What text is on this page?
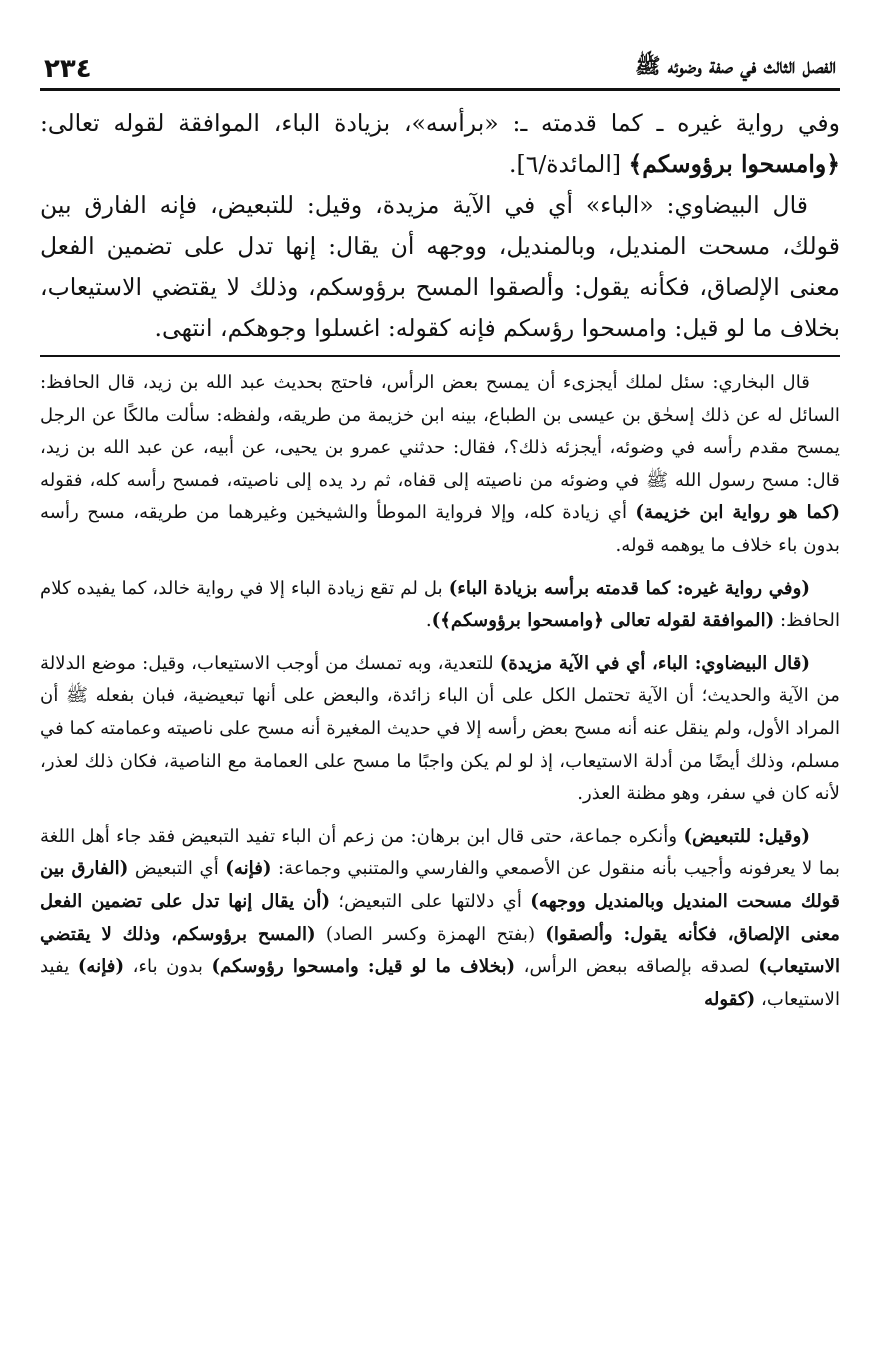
الفصل الثالث في صفة وضوئه ﷺ
٢٣٤

وفي رواية غيره ـ كما قدمته ـ: «برأسه»، بزيادة الباء، الموافقة لقوله تعالى: ﴿وامسحوا برؤوسكم﴾ [المائدة/٦].

قال البيضاوي: «الباء» أي في الآية مزيدة، وقيل: للتبعيض، فإنه الفارق بين قولك، مسحت المنديل، وبالمنديل، ووجهه أن يقال: إنها تدل على تضمين الفعل معنى الإلصاق، فكأنه يقول: وألصقوا المسح برؤوسكم، وذلك لا يقتضي الاستيعاب، بخلاف ما لو قيل: وامسحوا رؤسكم فإنه كقوله: اغسلوا وجوهكم، انتهى.

قال البخاري: سئل لملك أيجزىء أن يمسح بعض الرأس، فاحتج بحديث عبد الله بن زيد، قال الحافظ: السائل له عن ذلك إسحٰق بن عيسى بن الطباع، بينه ابن خزيمة من طريقه، ولفظه: سألت مالكًا عن الرجل يمسح مقدم رأسه في وضوئه، أيجزئه ذلك؟، فقال: حدثني عمرو بن يحيى، عن أبيه، عن عبد الله بن زيد، قال: مسح رسول الله ﷺ في وضوئه من ناصيته إلى قفاه، ثم رد يده إلى ناصيته، فمسح رأسه كله، فقوله (كما هو رواية ابن خزيمة) أي زيادة كله، وإلا فرواية الموطأ والشيخين وغيرهما من طريقه، مسح رأسه بدون باء خلاف ما يوهمه قوله.

(وفي رواية غيره: كما قدمته برأسه بزيادة الباء) بل لم تقع زيادة الباء إلا في رواية خالد، كما يفيده كلام الحافظ: (الموافقة لقوله تعالى ﴿وامسحوا برؤوسكم﴾).

(قال البيضاوي: الباء، أي في الآية مزيدة) للتعدية، وبه تمسك من أوجب الاستيعاب، وقيل: موضع الدلالة من الآية والحديث؛ أن الآية تحتمل الكل على أن الباء زائدة، والبعض على أنها تبعيضية، فبان بفعله ﷺ أن المراد الأول، ولم ينقل عنه أنه مسح بعض رأسه إلا في حديث المغيرة أنه مسح على ناصيته وعمامته كما في مسلم، وذلك أيضًا من أدلة الاستيعاب، إذ لو لم يكن واجبًا ما مسح على العمامة مع الناصية، فكان ذلك لعذر، لأنه كان في سفر، وهو مظنة العذر.

(وقيل: للتبعيض) وأنكره جماعة، حتى قال ابن برهان: من زعم أن الباء تفيد التبعيض فقد جاء أهل اللغة بما لا يعرفونه وأجيب بأنه منقول عن الأصمعي والفارسي والمتنبي وجماعة: (فإنه) أي التبعيض (الفارق بين قولك مسحت المنديل وبالمنديل ووجهه) أي دلالتها على التبعيض؛ (أن يقال إنها تدل على تضمين الفعل معنى الإلصاق، فكأنه يقول: وألصقوا) (بفتح الهمزة وكسر الصاد) (المسح برؤوسكم، وذلك لا يقتضي الاستيعاب) لصدقه بإلصاقه ببعض الرأس، (بخلاف ما لو قيل: وامسحوا رؤوسكم) بدون باء، (فإنه) يفيد الاستيعاب، (كقوله
